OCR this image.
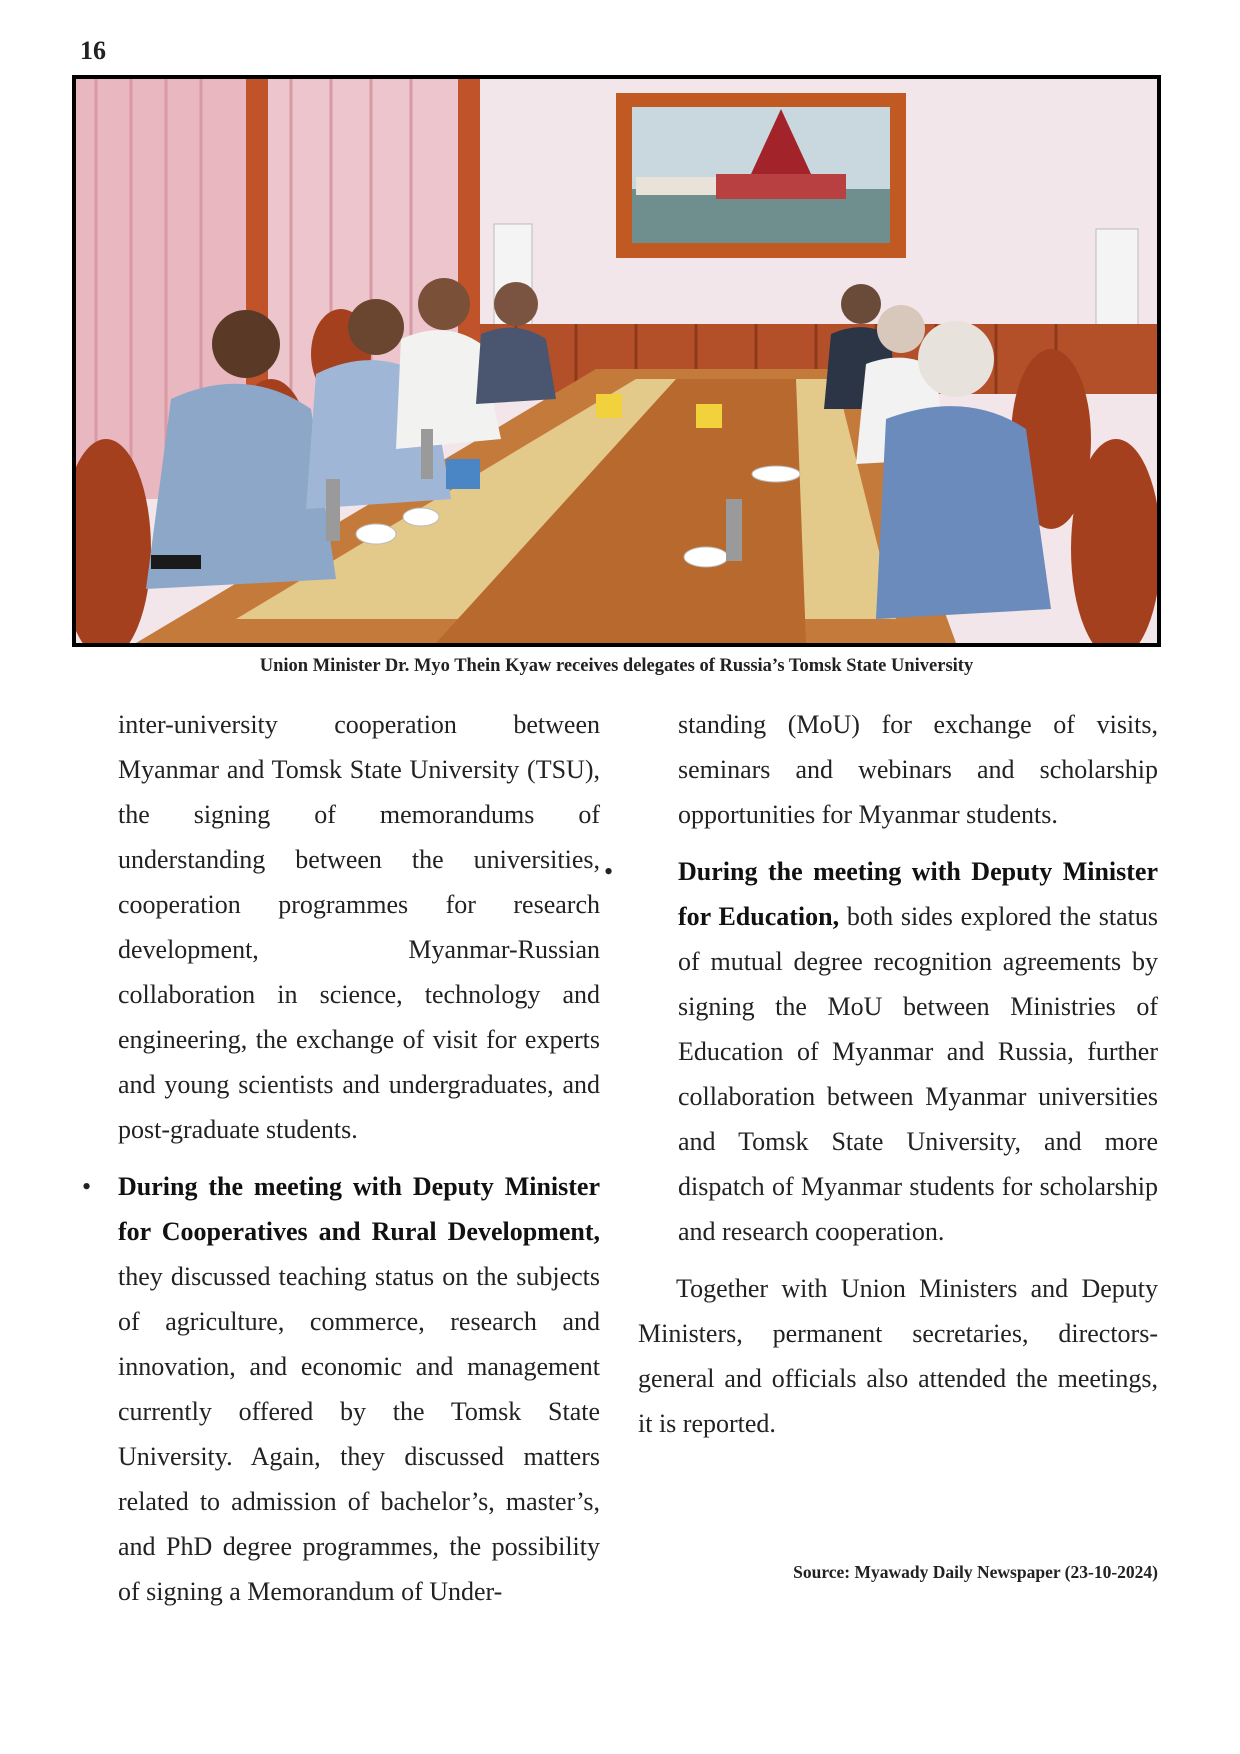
16
Union Minister Dr. Myo Thein Kyaw receives delegates of Russia’s Tomsk State University

inter-university cooperation between Myanmar and Tomsk State University (TSU), the signing of memorandums of understanding between the universities, cooperation programmes for research development, Myanmar-Russian collaboration in science, technology and engineering, the exchange of visit for experts and young scientists and undergraduates, and post-graduate students.

• During the meeting with Deputy Minister for Cooperatives and Rural Development, they discussed teaching status on the subjects of agriculture, commerce, research and innovation, and economic and management currently offered by the Tomsk State University. Again, they discussed matters related to admission of bachelor’s, master’s, and PhD degree programmes, the possibility of signing a Memorandum of Under-

standing (MoU) for exchange of visits, seminars and webinars and scholarship opportunities for Myanmar students.

• During the meeting with Deputy Minister for Education, both sides explored the status of mutual degree recognition agreements by signing the MoU between Ministries of Education of Myanmar and Russia, further collaboration between Myanmar universities and Tomsk State University, and more dispatch of Myanmar students for scholarship and research cooperation.

Together with Union Ministers and Deputy Ministers, permanent secretaries, directors-general and officials also attended the meetings, it is reported.

Source: Myawady Daily Newspaper (23-10-2024)
